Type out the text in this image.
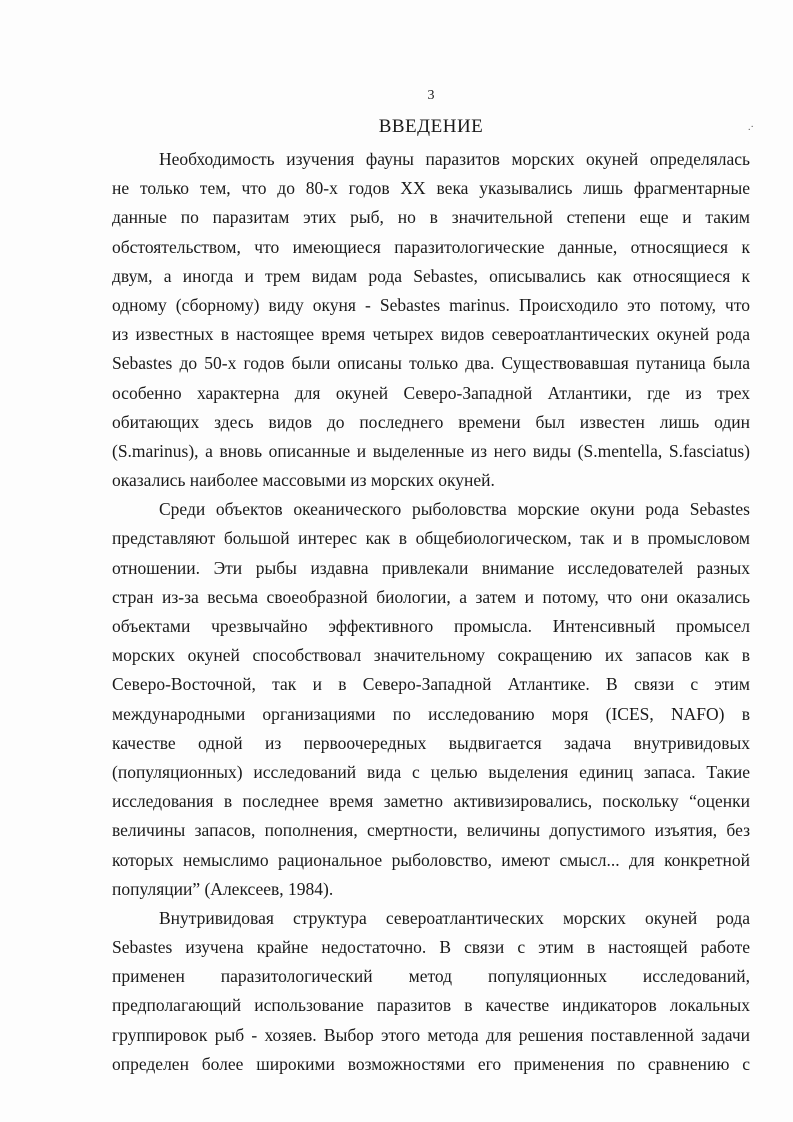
3
ВВЕДЕНИЕ	.·
Необходимость изучения фауны паразитов морских окуней определялась
не только тем, что до 80-х годов XX века указывались лишь фрагментарные
данные по паразитам этих рыб, но в значительной степени еще и таким
обстоятельством, что имеющиеся паразитологические данные, относящиеся к
двум, а иногда и трем видам рода Sebastes, описывались как относящиеся к
одному (сборному) виду окуня - Sebastes marinus. Происходило это потому, что
из известных в настоящее время четырех видов североатлантических окуней рода
Sebastes до 50-х годов были описаны только два. Существовавшая путаница была
особенно характерна для окуней Северо-Западной Атлантики, где из трех
обитающих здесь видов до последнего времени был известен лишь один
(S.marinus), а вновь описанные и выделенные из него виды (S.mentella, S.fasciatus)
оказались наиболее массовыми из морских окуней.
Среди объектов океанического рыболовства морские окуни рода Sebastes
представляют большой интерес как в общебиологическом, так и в промысловом
отношении. Эти рыбы издавна привлекали внимание исследователей разных
стран из-за весьма своеобразной биологии, а затем и потому, что они оказались
объектами чрезвычайно эффективного промысла. Интенсивный промысел
морских окуней способствовал значительному сокращению их запасов как в
Северо-Восточной, так и в Северо-Западной Атлантике. В связи с этим
международными организациями по исследованию моря (ICES, NAFO) в
качестве одной из первоочередных выдвигается задача внутривидовых
(популяционных) исследований вида с целью выделения единиц запаса. Такие
исследования в последнее время заметно активизировались, поскольку “оценки
величины запасов, пополнения, смертности, величины допустимого изъятия, без
которых немыслимо рациональное рыболовство, имеют смысл... для конкретной
популяции” (Алексеев, 1984).
Внутривидовая структура североатлантических морских окуней рода
Sebastes изучена крайне недостаточно. В связи с этим в настоящей работе
применен паразитологический метод популяционных исследований,
предполагающий использование паразитов в качестве индикаторов локальных
группировок рыб - хозяев. Выбор этого метода для решения поставленной задачи
определен более широкими возможностями его применения по сравнению с
